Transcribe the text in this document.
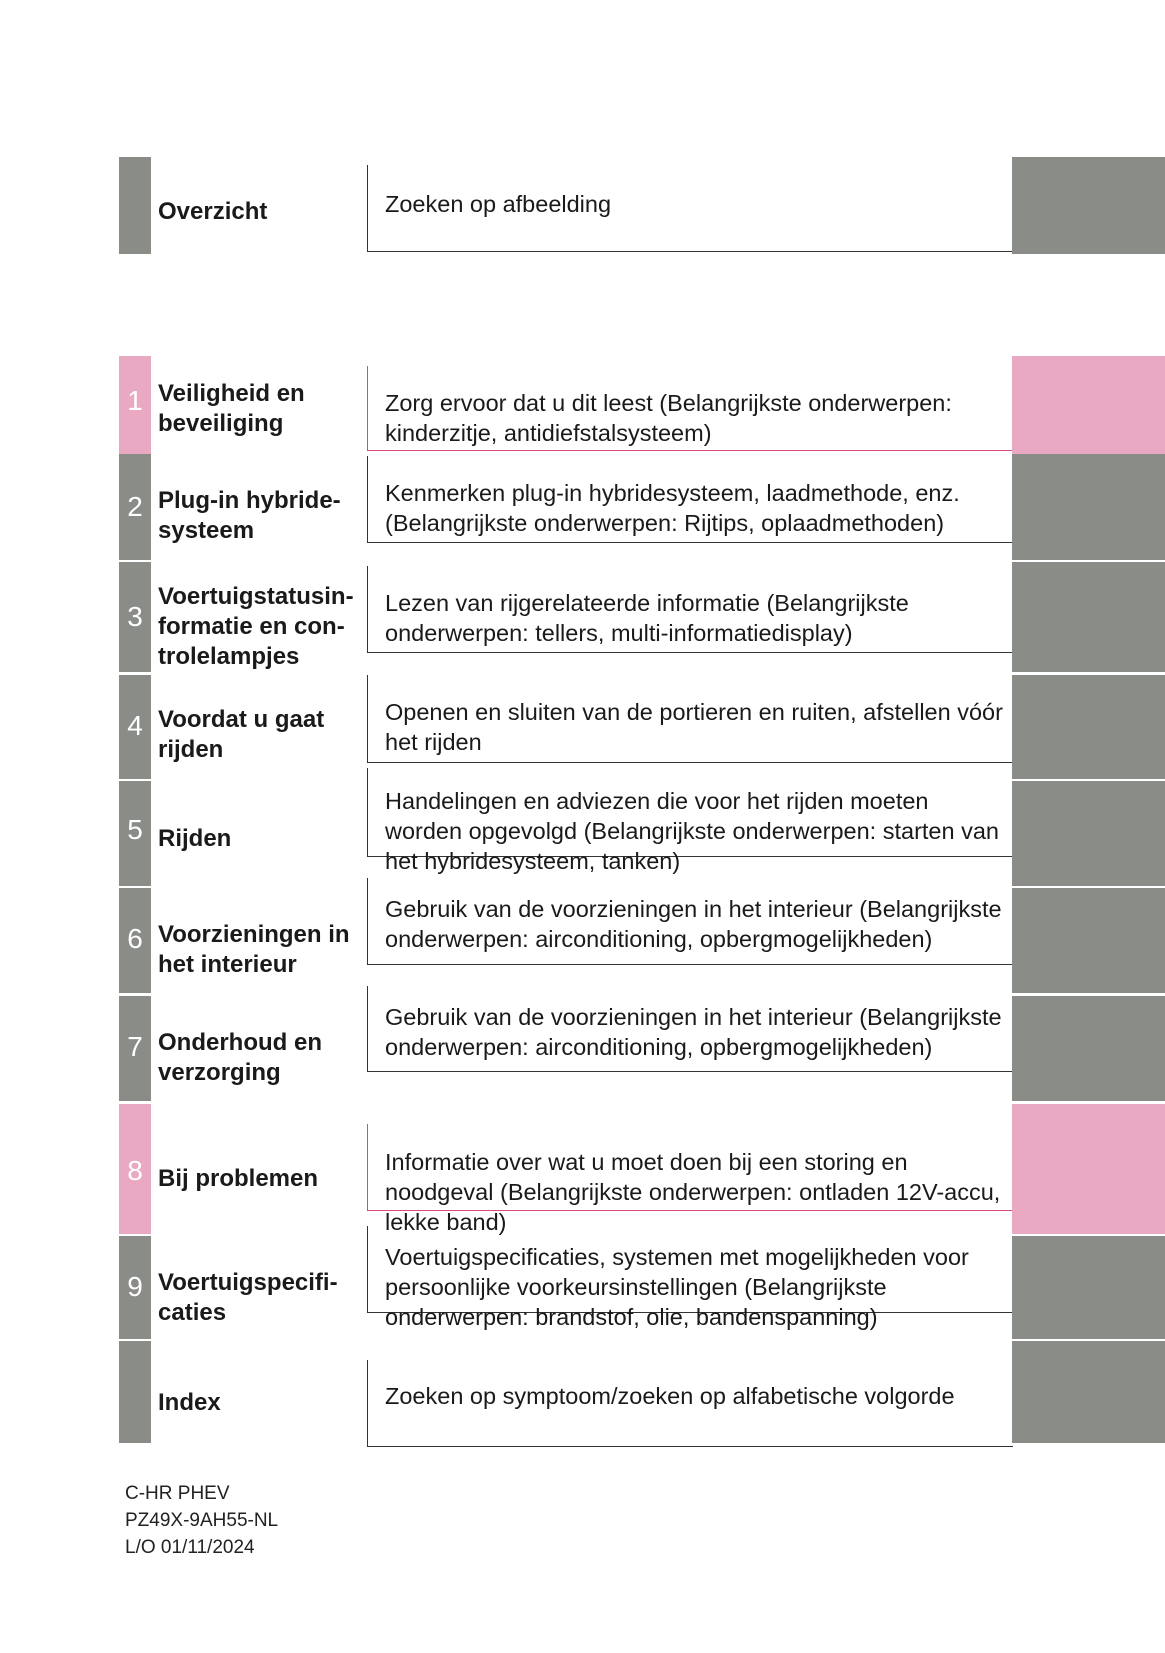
Overzicht	Zoeken op afbeelding
1 Veiligheid en
beveiliging
Zorg ervoor dat u dit leest (Belangrijkste onderwerpen: kinderzitje, antidiefstalsysteem)
2 Plug-in hybride-
systeem
Kenmerken plug-in hybridesysteem, laadmethode, enz. (Belangrijkste onderwerpen: Rijtips, oplaadmethoden)
3
Voertuigstatusin-
formatie en con-
trolelampjes
Lezen van rijgerelateerde informatie (Belangrijkste onderwerpen: tellers, multi-informatiedisplay)
4 Voordat u gaat
rijden
Openen en sluiten van de portieren en ruiten, afstellen vóór het rijden
5 Rijden
Handelingen en adviezen die voor het rijden moeten worden opgevolgd (Belangrijkste onderwerpen: starten van het hybridesysteem, tanken)
6 Voorzieningen in
het interieur
Gebruik van de voorzieningen in het interieur (Belangrijkste onderwerpen: airconditioning, opbergmogelijkheden)
7 Onderhoud en
verzorging
Gebruik van de voorzieningen in het interieur (Belangrijkste onderwerpen: airconditioning, opbergmogelijkheden)
8 Bij problemen
Informatie over wat u moet doen bij een storing en noodgeval (Belangrijkste onderwerpen: ontladen 12V-accu, lekke band)
9 Voertuigspecifi-
caties
Voertuigspecificaties, systemen met mogelijkheden voor persoonlijke voorkeursinstellingen (Belangrijkste onderwerpen: brandstof, olie, bandenspanning)
Index	Zoeken op symptoom/zoeken op alfabetische volgorde
C-HR PHEV
PZ49X-9AH55-NL
L/O 01/11/2024
